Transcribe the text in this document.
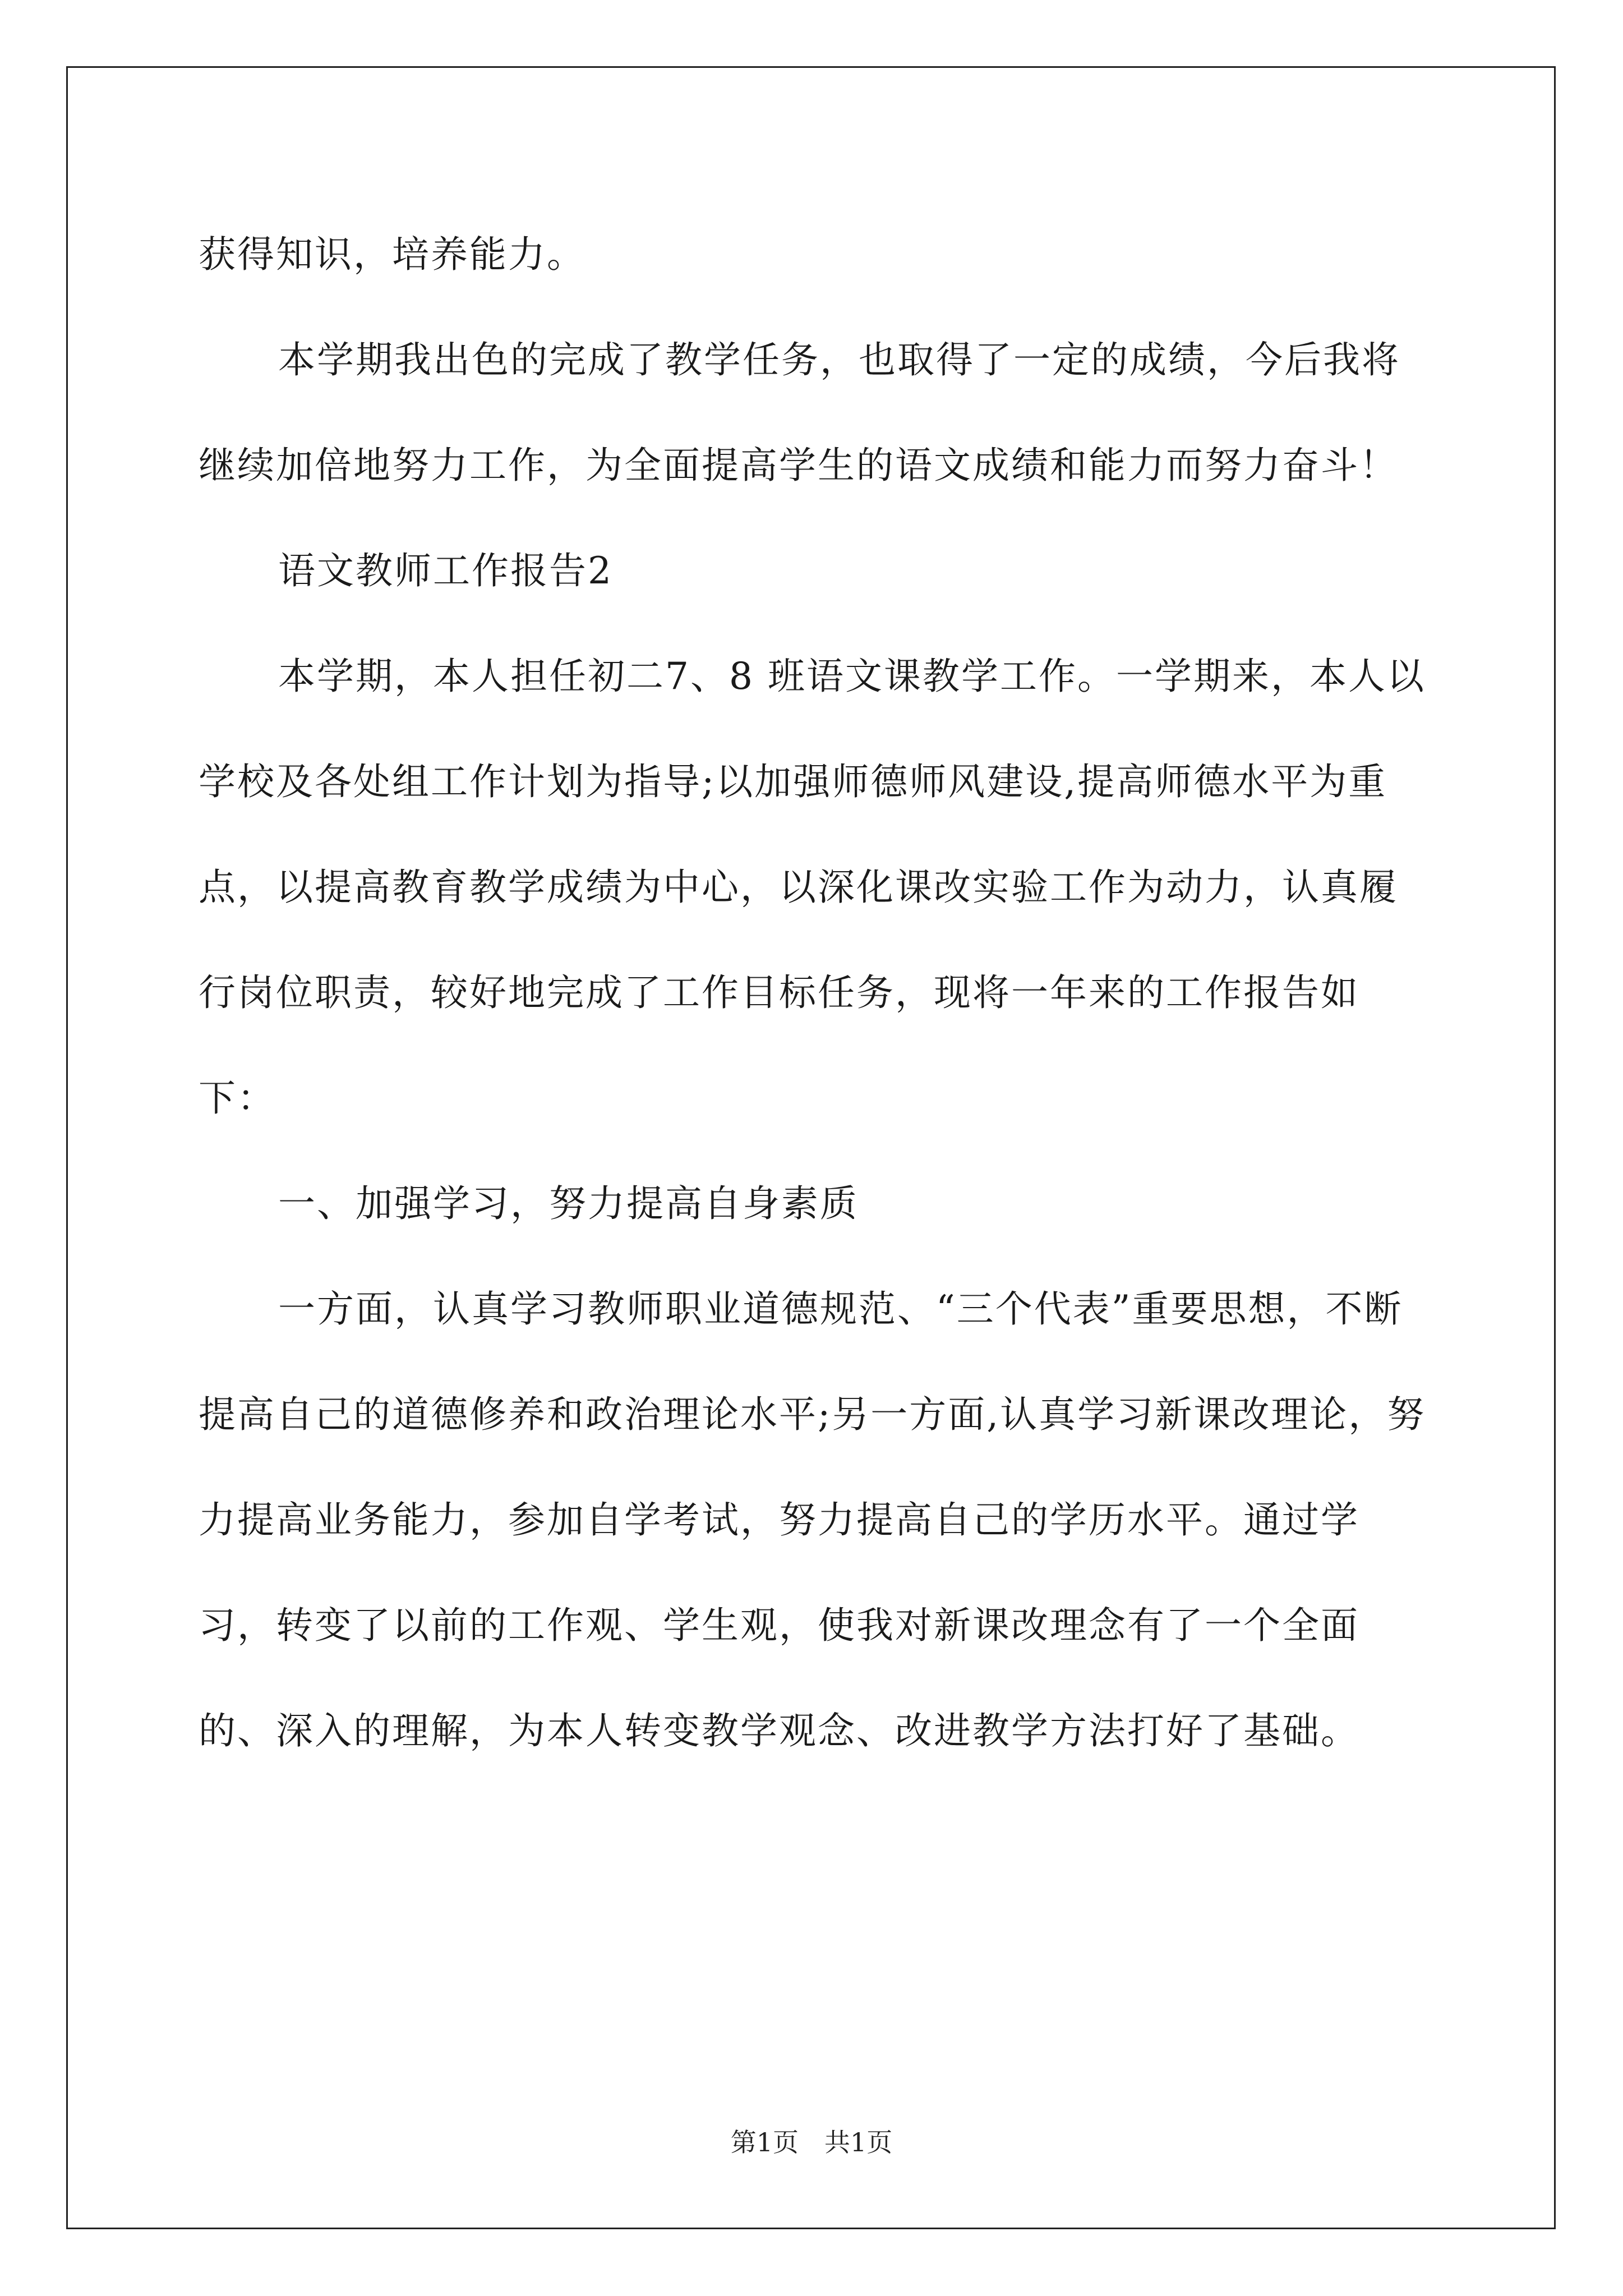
获得知识，培养能力。

本学期我出色的完成了教学任务，也取得了一定的成绩，今后我将继续加倍地努力工作，为全面提高学生的语文成绩和能力而努力奋斗！

语文教师工作报告2

本学期，本人担任初二7、8 班语文课教学工作。一学期来，本人以学校及各处组工作计划为指导;以加强师德师风建设,提高师德水平为重点，以提高教育教学成绩为中心，以深化课改实验工作为动力，认真履行岗位职责，较好地完成了工作目标任务，现将一年来的工作报告如下：

一、加强学习，努力提高自身素质

一方面，认真学习教师职业道德规范、“三个代表”重要思想，不断提高自己的道德修养和政治理论水平;另一方面,认真学习新课改理论，努力提高业务能力，参加自学考试，努力提高自己的学历水平。通过学习，转变了以前的工作观、学生观，使我对新课改理念有了一个全面的、深入的理解，为本人转变教学观念、改进教学方法打好了基础。

第1页　共1页
